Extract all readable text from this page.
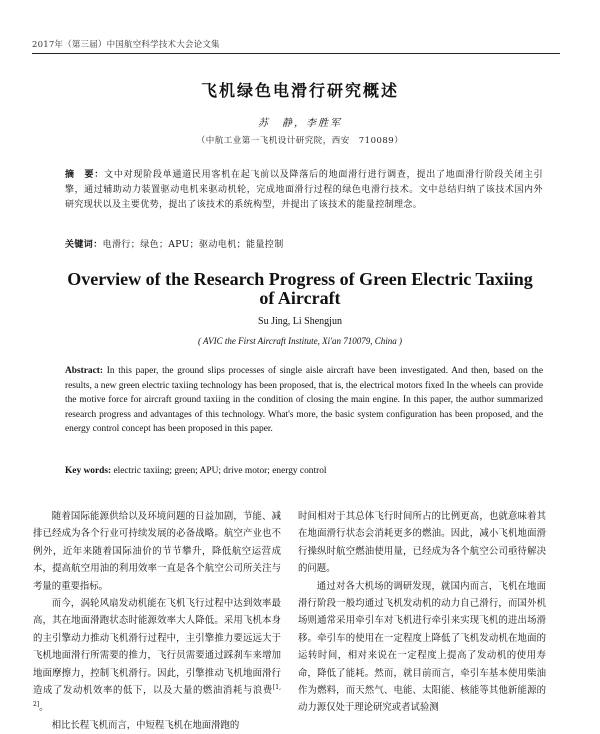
2017年（第三届）中国航空科学技术大会论文集
飞机绿色电滑行研究概述
苏　静，李胜军
（中航工业第一飞机设计研究院，西安　710089）
摘　要：文中对现阶段单通道民用客机在起飞前以及降落后的地面滑行进行调查，提出了地面滑行阶段关闭主引擎，通过辅助动力装置驱动电机来驱动机轮，完成地面滑行过程的绿色电滑行技术。文中总结归纳了该技术国内外研究现状以及主要优势，提出了该技术的系统构型，并提出了该技术的能量控制理念。
关键词：电滑行；绿色；APU；驱动电机；能量控制
Overview of the Research Progress of Green Electric Taxiing of Aircraft
Su Jing, Li Shengjun
( AVIC the First Aircraft Institute, Xi'an 710079, China )
Abstract: In this paper, the ground slips processes of single aisle aircraft have been investigated. And then, based on the results, a new green electric taxiing technology has been proposed, that is, the electrical motors fixed In the wheels can provide the motive force for aircraft ground taxiing in the condition of closing the main engine. In this paper, the author summarized research progress and advantages of this technology. What's more, the basic system configuration has been proposed, and the energy control concept has been proposed in this paper.
Key words: electric taxiing; green; APU; drive motor; energy control

随着国际能源供给以及环境问题的日益加剧，节能、减排已经成为各个行业可持续发展的必备战略。航空产业也不例外，近年来随着国际油价的节节攀升，降低航空运营成本，提高航空用油的利用效率一直是各个航空公司所关注与考量的重要指标。

而今，涡轮风扇发动机能在飞机飞行过程中达到效率最高，其在地面滑跑状态时能源效率大人降低。采用飞机本身的主引擎动力推动飞机滑行过程中，主引擎推力要远远大于飞机地面滑行所需要的推力，飞行员需要通过踩刹车来增加地面摩擦力，控制飞机滑行。因此，引擎推动飞机地面滑行造成了发动机效率的低下，以及大量的燃油消耗与浪费[1, 2]。

相比长程飞机而言，中短程飞机在地面滑跑的

时间相对于其总体飞行时间所占的比例更高，也就意味着其在地面滑行状态会消耗更多的燃油。因此，减小飞机地面滑行操纵时航空燃油使用量，已经成为各个航空公司亟待解决的问题。

通过对各大机场的调研发现，就国内而言，飞机在地面滑行阶段一般均通过飞机发动机的动力自己滑行，而国外机场则通常采用牵引车对飞机进行牵引来实现飞机的进出场滑移。牵引车的使用在一定程度上降低了飞机发动机在地面的运转时间，相对来说在一定程度上提高了发动机的使用寿命，降低了能耗。然而，就目前而言，牵引车基本使用柴油作为燃料，而天然气、电能、太阳能、核能等其他新能源的动力源仅处于理论研究或者试验测
